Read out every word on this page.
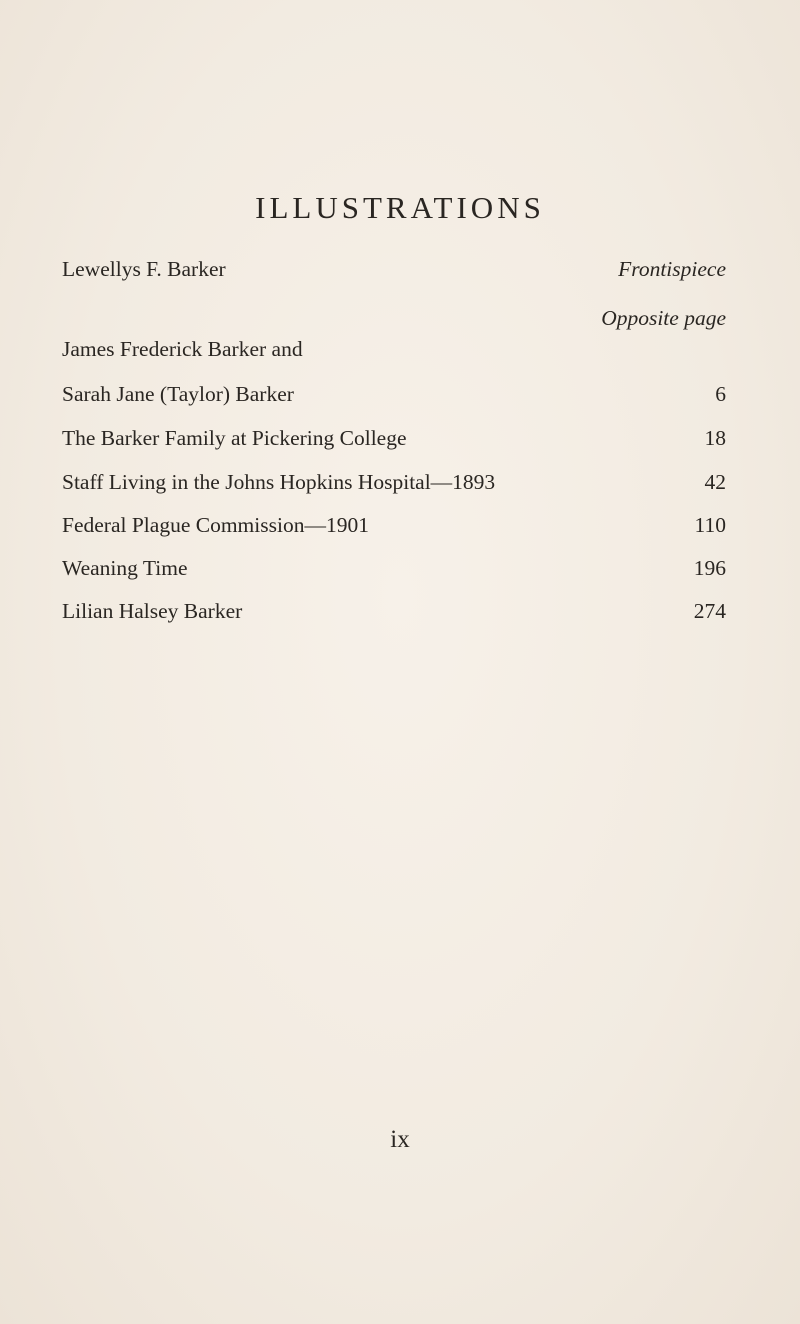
ILLUSTRATIONS
Lewellys F. Barker	Frontispiece
Opposite page
James Frederick Barker and
Sarah Jane (Taylor) Barker	6
The Barker Family at Pickering College	18
Staff Living in the Johns Hopkins Hospital—1893	42
Federal Plague Commission—1901	110
Weaning Time	196
Lilian Halsey Barker	274
ix
